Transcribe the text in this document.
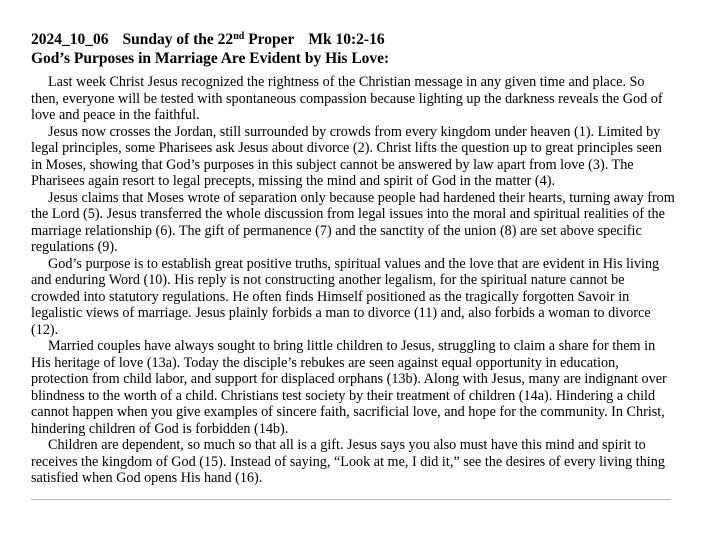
2024_10_06 Sunday of the 22nd Proper Mk 10:2-16
God’s Purposes in Marriage Are Evident by His Love:

Last week Christ Jesus recognized the rightness of the Christian message in any given time and place. So then, everyone will be tested with spontaneous compassion because lighting up the darkness reveals the God of love and peace in the faithful.

Jesus now crosses the Jordan, still surrounded by crowds from every kingdom under heaven (1). Limited by legal principles, some Pharisees ask Jesus about divorce (2). Christ lifts the question up to great principles seen in Moses, showing that God’s purposes in this subject cannot be answered by law apart from love (3). The Pharisees again resort to legal precepts, missing the mind and spirit of God in the matter (4).

Jesus claims that Moses wrote of separation only because people had hardened their hearts, turning away from the Lord (5). Jesus transferred the whole discussion from legal issues into the moral and spiritual realities of the marriage relationship (6). The gift of permanence (7) and the sanctity of the union (8) are set above specific regulations (9).

God’s purpose is to establish great positive truths, spiritual values and the love that are evident in His living and enduring Word (10). His reply is not constructing another legalism, for the spiritual nature cannot be crowded into statutory regulations. He often finds Himself positioned as the tragically forgotten Savoir in legalistic views of marriage. Jesus plainly forbids a man to divorce (11) and, also forbids a woman to divorce (12).

Married couples have always sought to bring little children to Jesus, struggling to claim a share for them in His heritage of love (13a). Today the disciple’s rebukes are seen against equal opportunity in education, protection from child labor, and support for displaced orphans (13b). Along with Jesus, many are indignant over blindness to the worth of a child. Christians test society by their treatment of children (14a). Hindering a child cannot happen when you give examples of sincere faith, sacrificial love, and hope for the community. In Christ, hindering children of God is forbidden (14b).

Children are dependent, so much so that all is a gift. Jesus says you also must have this mind and spirit to receives the kingdom of God (15). Instead of saying, “Look at me, I did it,” see the desires of every living thing satisfied when God opens His hand (16).
